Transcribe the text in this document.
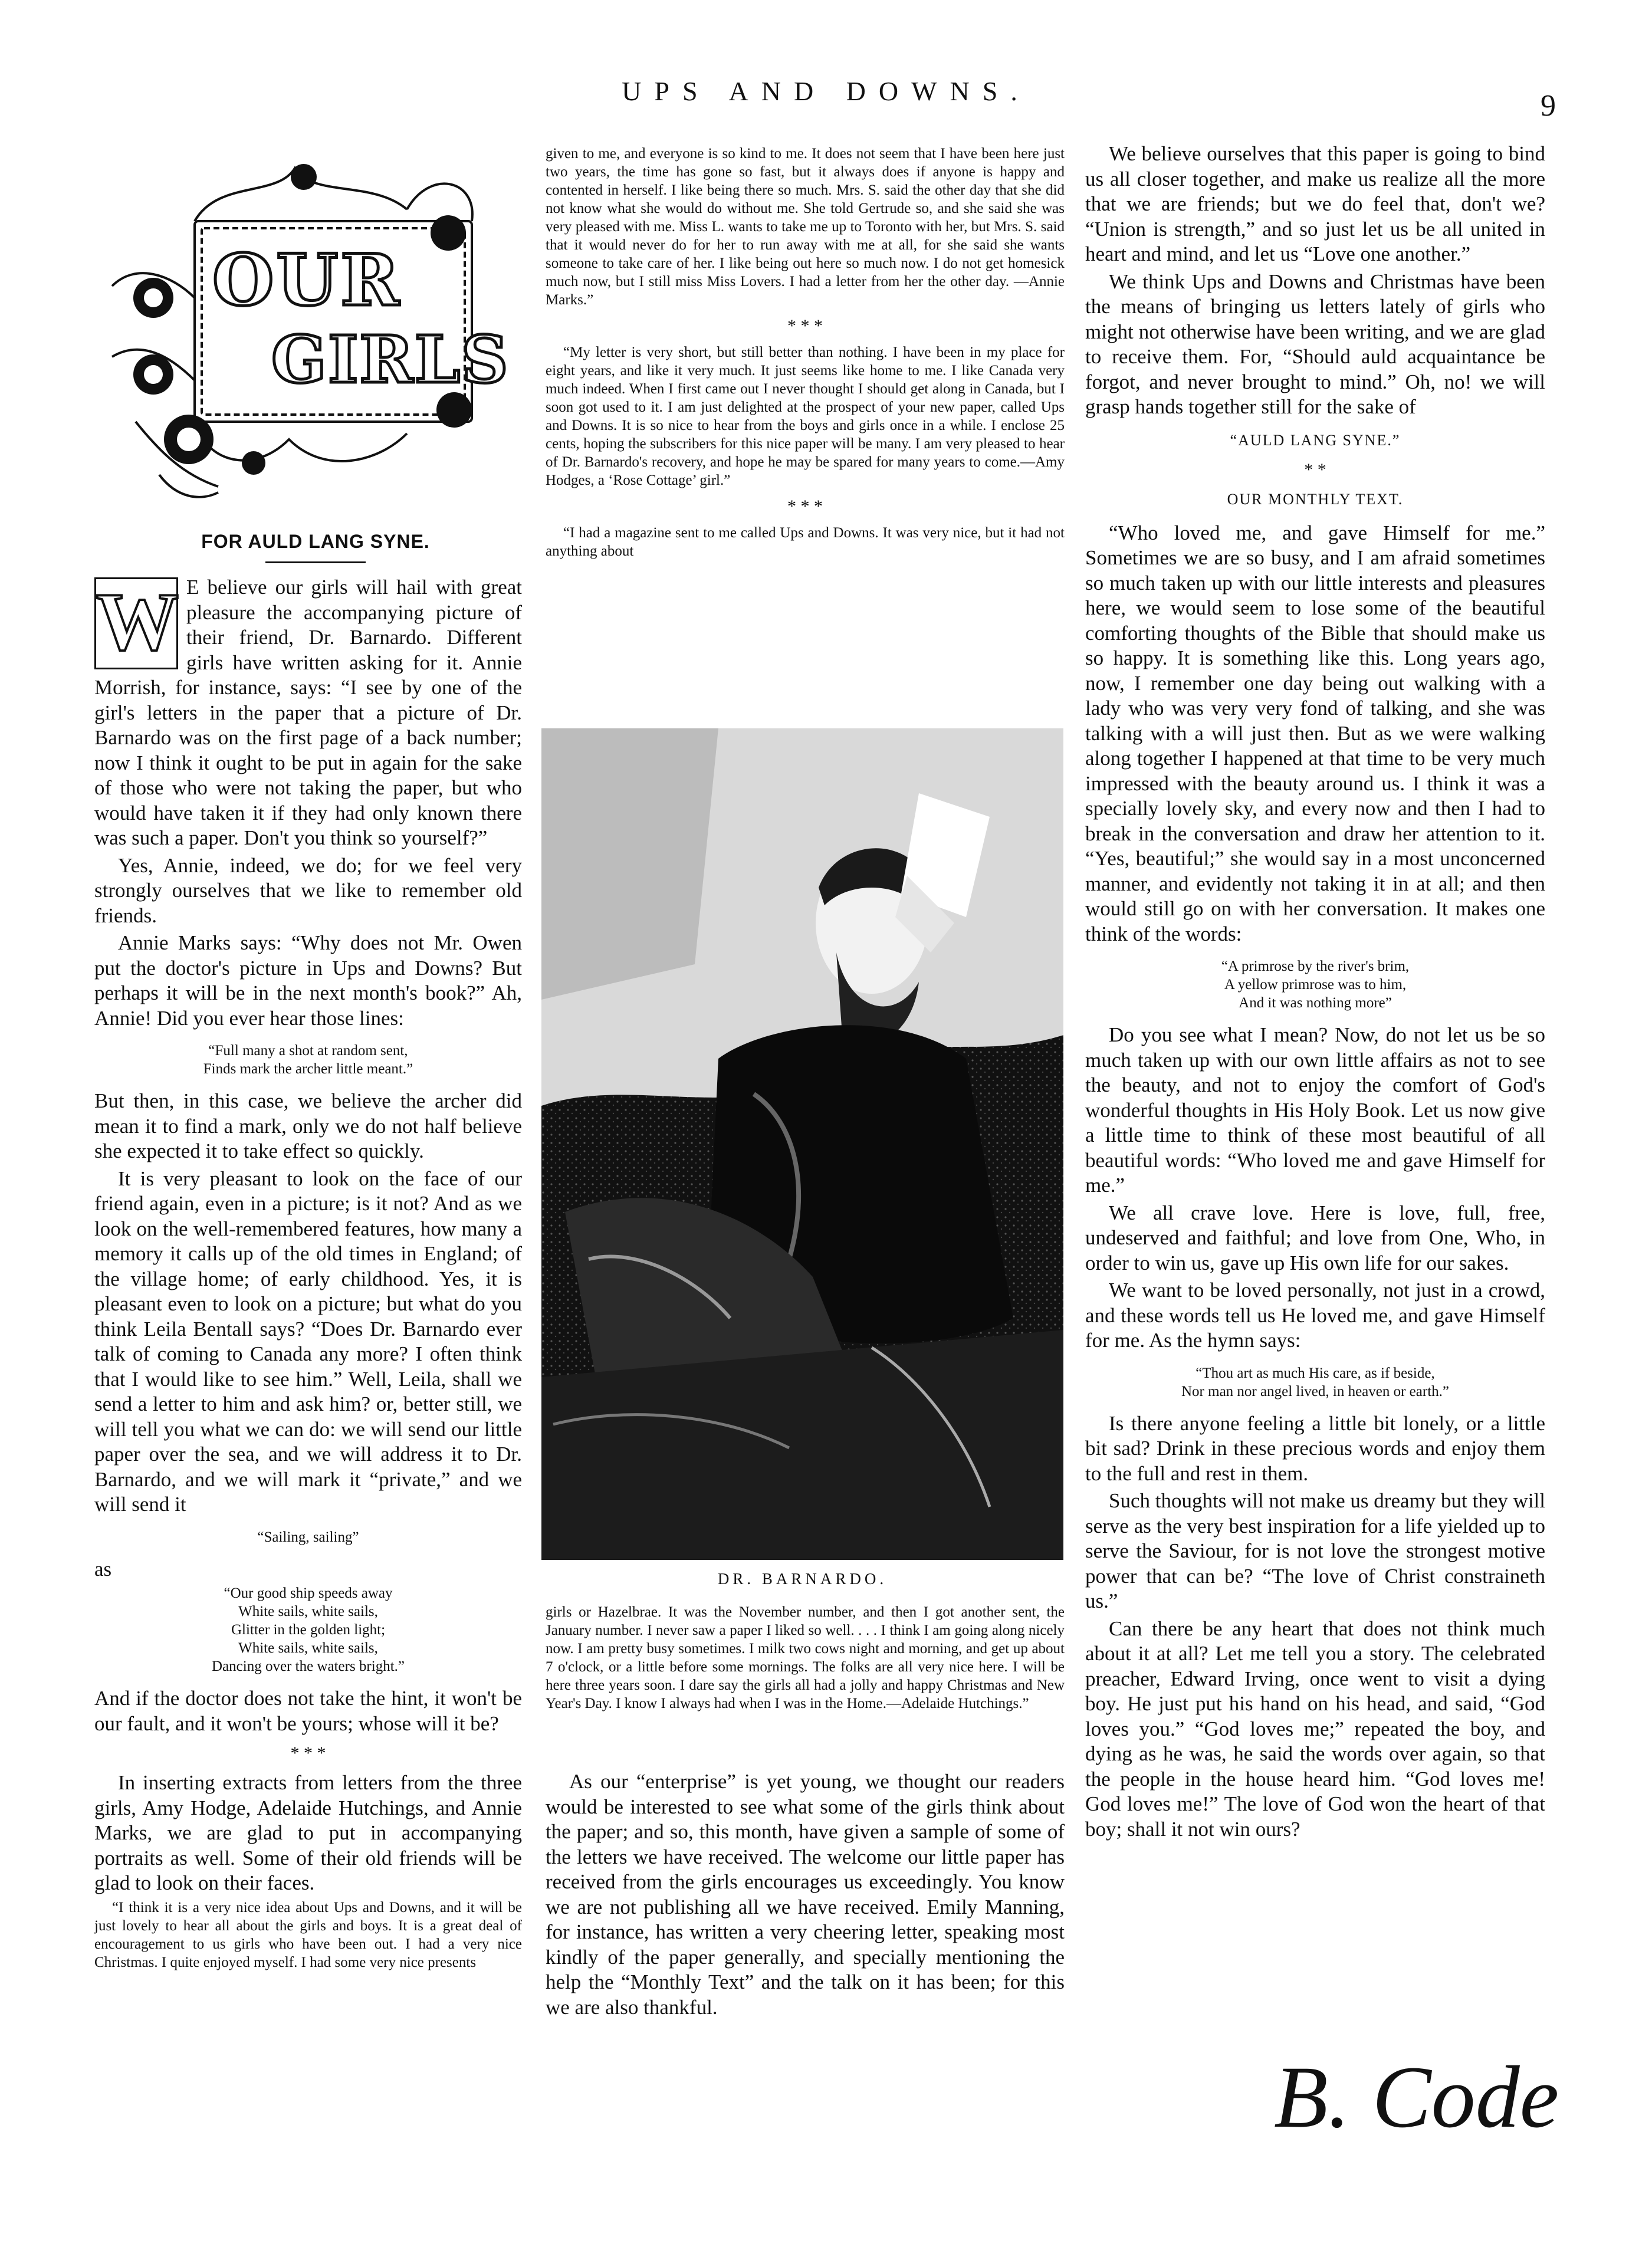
UPS AND DOWNS.	9
OUR
GIRLS
FOR AULD LANG SYNE.
W E believe our girls will hail with great pleasure the accompanying picture of their friend, Dr. Barnardo. Different girls have written asking for it. Annie Morrish, for instance, says: “I see by one of the girl's letters in the paper that a picture of Dr. Barnardo was on the first page of a back number; now I think it ought to be put in again for the sake of those who were not taking the paper, but who would have taken it if they had only known there was such a paper. Don't you think so yourself?”

Yes, Annie, indeed, we do; for we feel very strongly ourselves that we like to remember old friends.

Annie Marks says: “Why does not Mr. Owen put the doctor's picture in Ups and Downs? But perhaps it will be in the next month's book?” Ah, Annie! Did you ever hear those lines:

“Full many a shot at random sent,
Finds mark the archer little meant.”

But then, in this case, we believe the archer did mean it to find a mark, only we do not half believe she expected it to take effect so quickly.

It is very pleasant to look on the face of our friend again, even in a picture; is it not? And as we look on the well-remembered features, how many a memory it calls up of the old times in England; of the village home; of early childhood. Yes, it is pleasant even to look on a picture; but what do you think Leila Bentall says? “Does Dr. Barnardo ever talk of coming to Canada any more? I often think that I would like to see him.” Well, Leila, shall we send a letter to him and ask him? or, better still, we will tell you what we can do: we will send our little paper over the sea, and we will address it to Dr. Barnardo, and we will mark it “private,” and we will send it

“Sailing, sailing”
as
“Our good ship speeds away
White sails, white sails,
Glitter in the golden light;
White sails, white sails,
Dancing over the waters bright.”

And if the doctor does not take the hint, it won't be our fault, and it won't be yours; whose will it be?

* * *

In inserting extracts from letters from the three girls, Amy Hodge, Adelaide Hutchings, and Annie Marks, we are glad to put in accompanying portraits as well. Some of their old friends will be glad to look on their faces.

“I think it is a very nice idea about Ups and Downs, and it will be just lovely to hear all about the girls and boys. It is a great deal of encouragement to us girls who have been out. I had a very nice Christmas. I quite enjoyed myself. I had some very nice presents

given to me, and everyone is so kind to me. It does not seem that I have been here just two years, the time has gone so fast, but it always does if anyone is happy and contented in herself. I like being there so much. Mrs. S. said the other day that she did not know what she would do without me. She told Gertrude so, and she said she was very pleased with me. Miss L. wants to take me up to Toronto with her, but Mrs. S. said that it would never do for her to run away with me at all, for she said she wants someone to take care of her. I like being out here so much now. I do not get homesick much now, but I still miss Miss Lovers. I had a letter from her the other day. —Annie Marks.”

* * *

“My letter is very short, but still better than nothing. I have been in my place for eight years, and like it very much. It just seems like home to me. I like Canada very much indeed. When I first came out I never thought I should get along in Canada, but I soon got used to it. I am just delighted at the prospect of your new paper, called Ups and Downs. It is so nice to hear from the boys and girls once in a while. I enclose 25 cents, hoping the subscribers for this nice paper will be many. I am very pleased to hear of Dr. Barnardo's recovery, and hope he may be spared for many years to come.—Amy Hodges, a ‘Rose Cottage’ girl.”

* * *

“I had a magazine sent to me called Ups and Downs. It was very nice, but it had not anything about

DR. BARNARDO.

girls or Hazelbrae. It was the November number, and then I got another sent, the January number. I never saw a paper I liked so well. . . . I think I am going along nicely now. I am pretty busy sometimes. I milk two cows night and morning, and get up about 7 o'clock, or a little before some mornings. The folks are all very nice here. I will be here three years soon. I dare say the girls all had a jolly and happy Christmas and New Year's Day. I know I always had when I was in the Home.—Adelaide Hutchings.”

As our “enterprise” is yet young, we thought our readers would be interested to see what some of the girls think about the paper; and so, this month, have given a sample of some of the letters we have received. The welcome our little paper has received from the girls encourages us exceedingly. You know we are not publishing all we have received. Emily Manning, for instance, has written a very cheering letter, speaking most kindly of the paper generally, and specially mentioning the help the “Monthly Text” and the talk on it has been; for this we are also thankful.

We believe ourselves that this paper is going to bind us all closer together, and make us realize all the more that we are friends; but we do feel that, don't we? “Union is strength,” and so just let us be all united in heart and mind, and let us “Love one another.”

We think Ups and Downs and Christmas have been the means of bringing us letters lately of girls who might not otherwise have been writing, and we are glad to receive them. For, “Should auld acquaintance be forgot, and never brought to mind.” Oh, no! we will grasp hands together still for the sake of

“AULD LANG SYNE.”
* *
OUR MONTHLY TEXT.

“Who loved me, and gave Himself for me.” Sometimes we are so busy, and I am afraid sometimes so much taken up with our little interests and pleasures here, we would seem to lose some of the beautiful comforting thoughts of the Bible that should make us so happy. It is something like this. Long years ago, now, I remember one day being out walking with a lady who was very very fond of talking, and she was talking with a will just then. But as we were walking along together I happened at that time to be very much impressed with the beauty around us. I think it was a specially lovely sky, and every now and then I had to break in the conversation and draw her attention to it. “Yes, beautiful;” she would say in a most unconcerned manner, and evidently not taking it in at all; and then would still go on with her conversation. It makes one think of the words:

“A primrose by the river's brim,
A yellow primrose was to him,
And it was nothing more”

Do you see what I mean? Now, do not let us be so much taken up with our own little affairs as not to see the beauty, and not to enjoy the comfort of God's wonderful thoughts in His Holy Book. Let us now give a little time to think of these most beautiful of all beautiful words: “Who loved me and gave Himself for me.”

We all crave love. Here is love, full, free, undeserved and faithful; and love from One, Who, in order to win us, gave up His own life for our sakes.

We want to be loved personally, not just in a crowd, and these words tell us He loved me, and gave Himself for me. As the hymn says:

“Thou art as much His care, as if beside,
Nor man nor angel lived, in heaven or earth.”

Is there anyone feeling a little bit lonely, or a little bit sad? Drink in these precious words and enjoy them to the full and rest in them.

Such thoughts will not make us dreamy but they will serve as the very best inspiration for a life yielded up to serve the Saviour, for is not love the strongest motive power that can be? “The love of Christ constraineth us.”

Can there be any heart that does not think much about it at all? Let me tell you a story. The celebrated preacher, Edward Irving, once went to visit a dying boy. He just put his hand on his head, and said, “God loves you.” “God loves me;” repeated the boy, and dying as he was, he said the words over again, so that the people in the house heard him. “God loves me! God loves me!” The love of God won the heart of that boy; shall it not win ours?

B. Code
